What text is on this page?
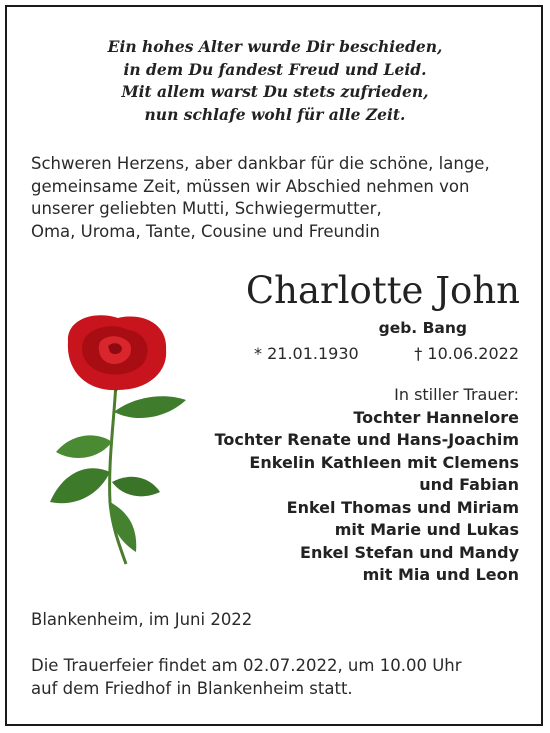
Ein hohes Alter wurde Dir beschieden,
in dem Du fandest Freud und Leid.
Mit allem warst Du stets zufrieden,
nun schlafe wohl für alle Zeit.
Schweren Herzens, aber dankbar für die schöne, lange,
gemeinsame Zeit, müssen wir Abschied nehmen von
unserer geliebten Mutti, Schwiegermutter,
Oma, Uroma, Tante, Cousine und Freundin
Charlotte John
geb. Bang
* 21.01.1930	† 10.06.2022
In stiller Trauer:
Tochter Hannelore
Tochter Renate und Hans-Joachim
Enkelin Kathleen mit Clemens
und Fabian
Enkel Thomas und Miriam
mit Marie und Lukas
Enkel Stefan und Mandy
mit Mia und Leon
Blankenheim, im Juni 2022
Die Trauerfeier findet am 02.07.2022, um 10.00 Uhr
auf dem Friedhof in Blankenheim statt.
